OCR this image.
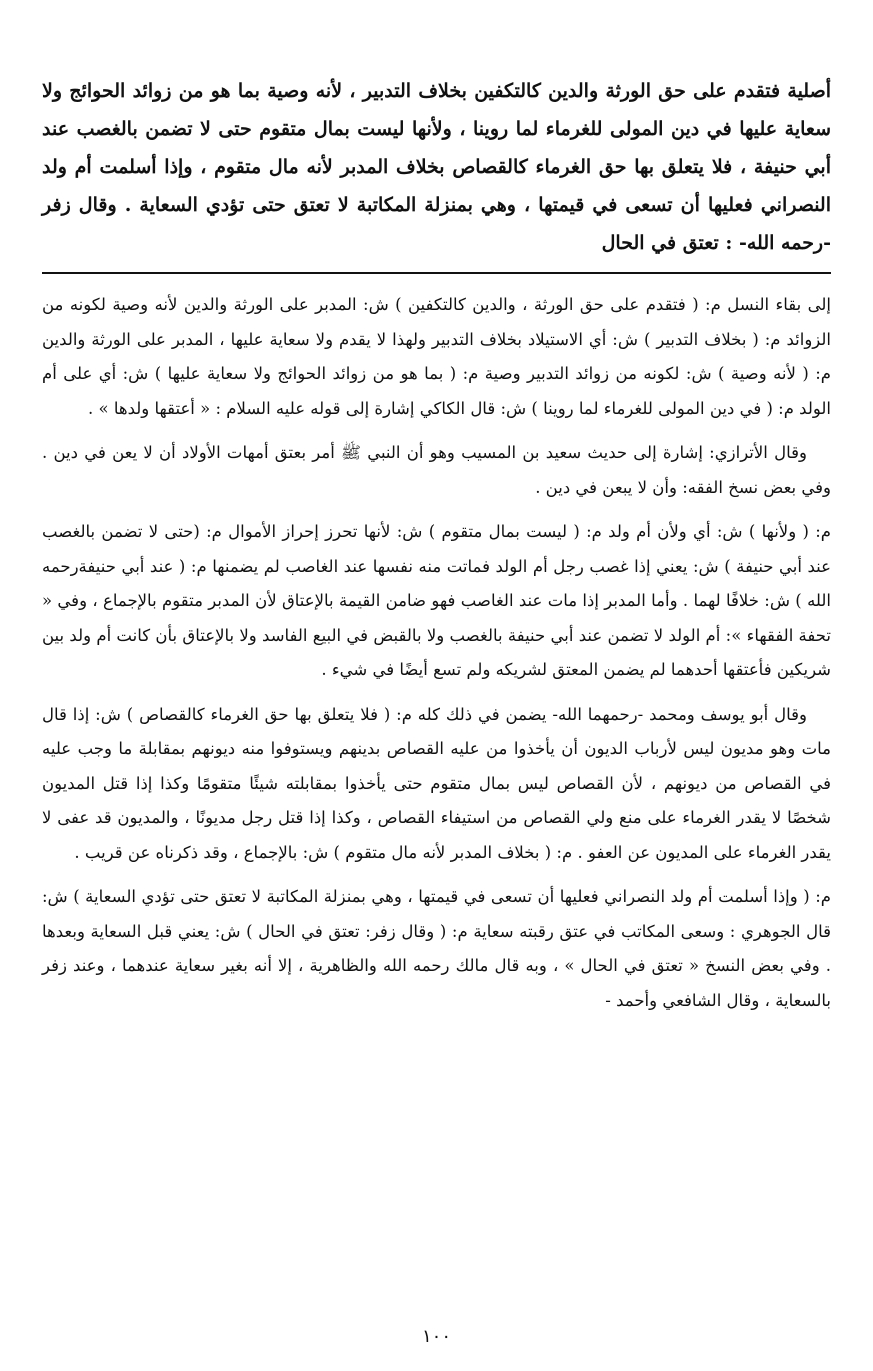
أصلية فتقدم على حق الورثة والدين كالتكفين بخلاف التدبير ، لأنه وصية بما هو من زوائد الحوائج ولا سعاية عليها في دين المولى للغرماء لما روينا ، ولأنها ليست بمال متقوم حتى لا تضمن بالغصب عند أبي حنيفة ، فلا يتعلق بها حق الغرماء كالقصاص بخلاف المدبر لأنه مال متقوم ، وإذا أسلمت أم ولد النصراني فعليها أن تسعى في قيمتها ، وهي بمنزلة المكاتبة لا تعتق حتى تؤدي السعاية . وقال زفر -رحمه الله- : تعتق في الحال

إلى بقاء النسل م: ( فتقدم على حق الورثة ، والدين كالتكفين ) ش: المدبر على الورثة والدين لأنه وصية لكونه من الزوائد م: ( بخلاف التدبير ) ش: أي الاستيلاد بخلاف التدبير ولهذا لا يقدم ولا سعاية عليها ، المدبر على الورثة والدين م: ( لأنه وصية ) ش: لكونه من زوائد التدبير وصية م: ( بما هو من زوائد الحوائج ولا سعاية عليها ) ش: أي على أم الولد م: ( في دين المولى للغرماء لما روينا ) ش: قال الكاكي إشارة إلى قوله عليه السلام : « أعتقها ولدها » .

وقال الأترازي: إشارة إلى حديث سعيد بن المسيب وهو أن النبي ﷺ أمر بعتق أمهات الأولاد أن لا يعن في دين . وفي بعض نسخ الفقه: وأن لا يبعن في دين .

م: ( ولأنها ) ش: أي ولأن أم ولد م: ( ليست بمال متقوم ) ش: لأنها تحرز إحراز الأموال م: (حتى لا تضمن بالغصب عند أبي حنيفة ) ش: يعني إذا غصب رجل أم الولد فماتت منه نفسها عند الغاصب لم يضمنها م: ( عند أبي حنيفةرحمه الله ) ش: خلافًا لهما . وأما المدبر إذا مات عند الغاصب فهو ضامن القيمة بالإعتاق لأن المدبر متقوم بالإجماع ، وفي « تحفة الفقهاء »: أم الولد لا تضمن عند أبي حنيفة بالغصب ولا بالقبض في البيع الفاسد ولا بالإعتاق بأن كانت أم ولد بين شريكين فأعتقها أحدهما لم يضمن المعتق لشريكه ولم تسع أيضًا في شيء .

وقال أبو يوسف ومحمد -رحمهما الله- يضمن في ذلك كله م: ( فلا يتعلق بها حق الغرماء كالقصاص ) ش: إذا قال مات وهو مديون ليس لأرباب الديون أن يأخذوا من عليه القصاص بدينهم ويستوفوا منه ديونهم بمقابلة ما وجب عليه في القصاص من ديونهم ، لأن القصاص ليس بمال متقوم حتى يأخذوا بمقابلته شيئًا متقومًا وكذا إذا قتل المديون شخصًا لا يقدر الغرماء على منع ولي القصاص من استيفاء القصاص ، وكذا إذا قتل رجل مديونًا ، والمديون قد عفى لا يقدر الغرماء على المديون عن العفو . م: ( بخلاف المدبر لأنه مال متقوم ) ش: بالإجماع ، وقد ذكرناه عن قريب .

م: ( وإذا أسلمت أم ولد النصراني فعليها أن تسعى في قيمتها ، وهي بمنزلة المكاتبة لا تعتق حتى تؤدي السعاية ) ش: قال الجوهري : وسعى المكاتب في عتق رقبته سعاية م: ( وقال زفر: تعتق في الحال ) ش: يعني قبل السعاية وبعدها . وفي بعض النسخ « تعتق في الحال » ، وبه قال مالك رحمه الله والظاهرية ، إلا أنه بغير سعاية عندهما ، وعند زفر بالسعاية ، وقال الشافعي وأحمد -

١٠٠
